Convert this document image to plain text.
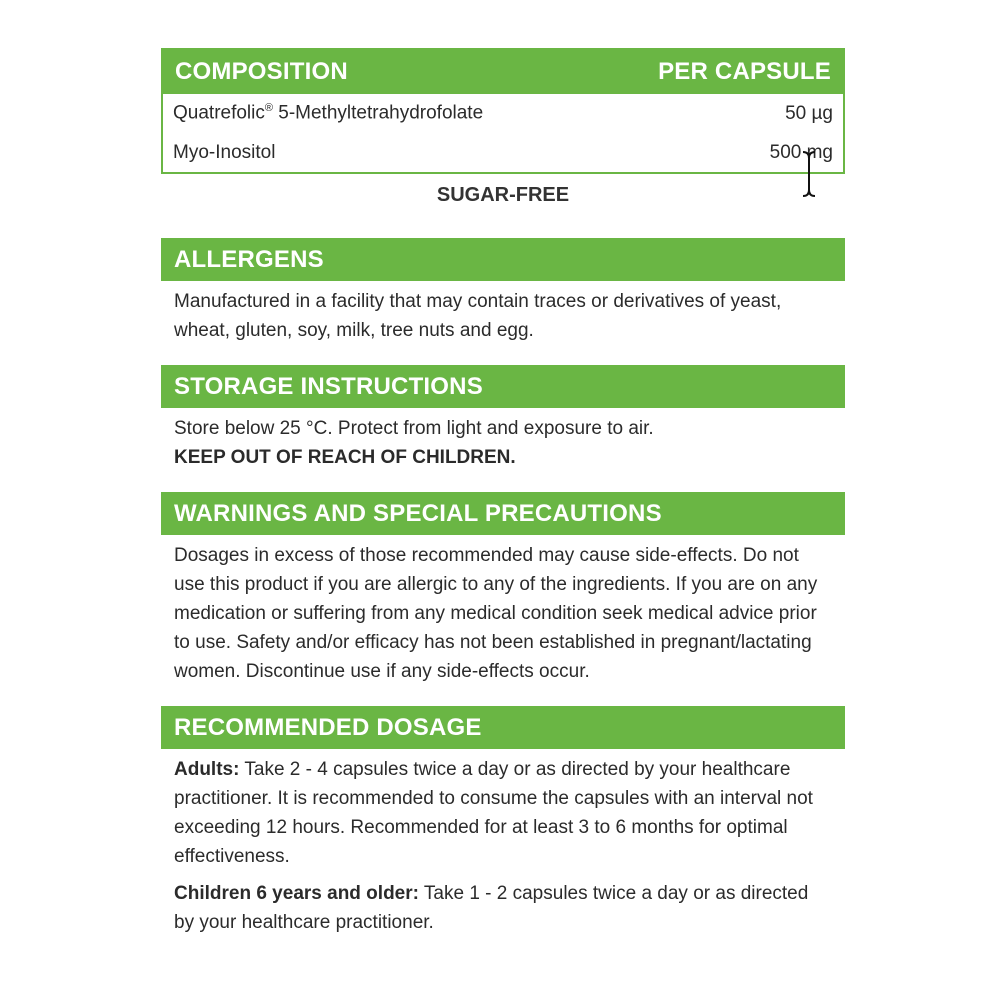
COMPOSITION	PER CAPSULE
Quatrefolic® 5-Methyltetrahydrofolate	50 µg
Myo-Inositol	500 mg
SUGAR-FREE
ALLERGENS

Manufactured in a facility that may contain traces or derivatives of yeast, wheat, gluten, soy, milk, tree nuts and egg.

STORAGE INSTRUCTIONS

Store below 25 °C. Protect from light and exposure to air.

KEEP OUT OF REACH OF CHILDREN.

WARNINGS AND SPECIAL PRECAUTIONS

Dosages in excess of those recommended may cause side-effects. Do not use this product if you are allergic to any of the ingredients. If you are on any medication or suffering from any medical condition seek medical advice prior to use. Safety and/or efficacy has not been established in pregnant/lactating women. Discontinue use if any side-effects occur.

RECOMMENDED DOSAGE

Adults: Take 2 - 4 capsules twice a day or as directed by your healthcare practitioner. It is recommended to consume the capsules with an interval not exceeding 12 hours. Recommended for at least 3 to 6 months for optimal effectiveness.

Children 6 years and older: Take 1 - 2 capsules twice a day or as directed by your healthcare practitioner.
